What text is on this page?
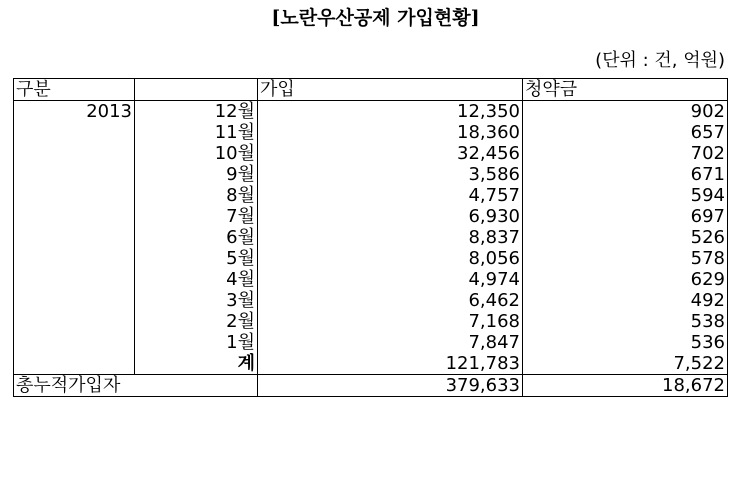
[노란우산공제 가입현황]
(단위 : 건, 억원)
구분		가입	청약금
2013	12월	12,350	902
	11월	18,360	657
	10월	32,456	702
	9월	3,586	671
	8월	4,757	594
	7월	6,930	697
	6월	8,837	526
	5월	8,056	578
	4월	4,974	629
	3월	6,462	492
	2월	7,168	538
	1월	7,847	536
	계	121,783	7,522
총누적가입자		379,633	18,672
